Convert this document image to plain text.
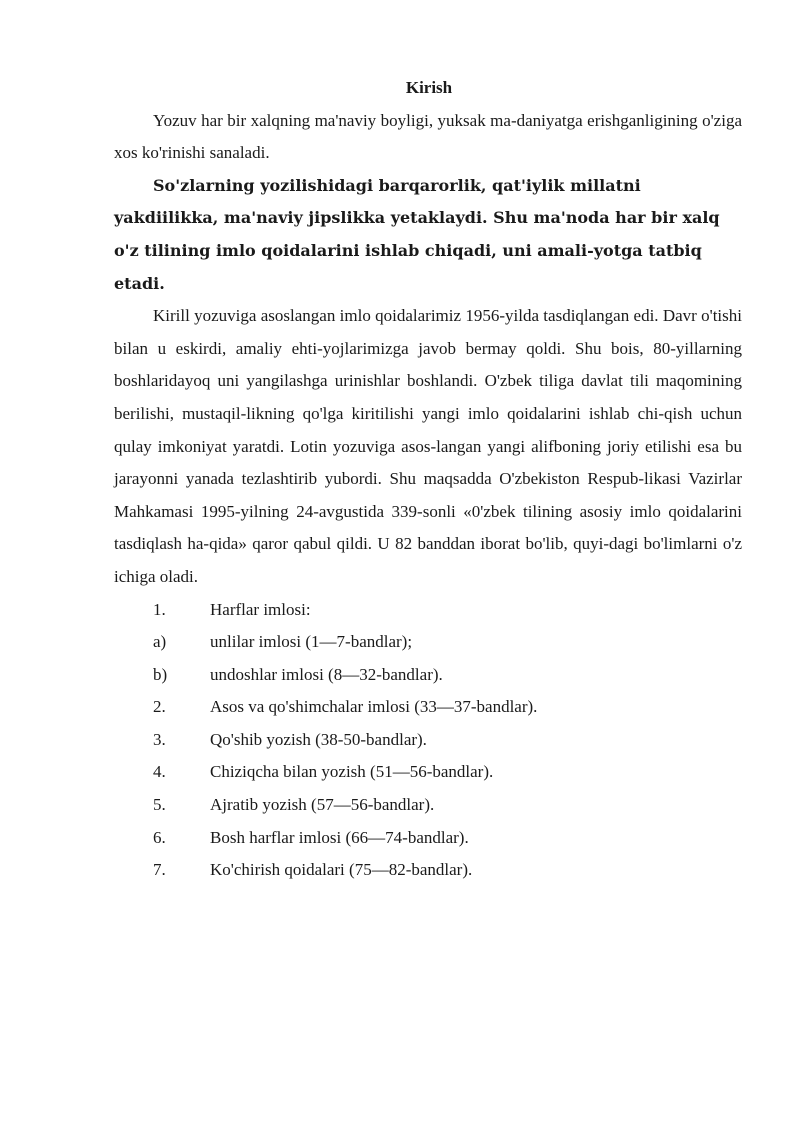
Kirish

Yozuv har bir xalqning ma'naviy boyligi, yuksak ma-daniyatga erishganligining o'ziga xos ko'rinishi sanaladi.

So'zlarning yozilishidagi barqarorlik, qat'iylik millatni yakdiilikka, ma'naviy jipslikka yetaklaydi. Shu ma'noda har bir xalq o'z tilining imlo qoidalarini ishlab chiqadi, uni amali-yotga tatbiq etadi.

Kirill yozuviga asoslangan imlo qoidalarimiz 1956-yilda tasdiqlangan edi. Davr o'tishi bilan u eskirdi, amaliy ehti-yojlarimizga javob bermay qoldi. Shu bois, 80-yillarning boshlaridayoq uni yangilashga urinishlar boshlandi. O'zbek tiliga davlat tili maqomining berilishi, mustaqil-likning qo'lga kiritilishi yangi imlo qoidalarini ishlab chi-qish uchun qulay imkoniyat yaratdi. Lotin yozuviga asos-langan yangi alifboning joriy etilishi esa bu jarayonni yanada tezlashtirib yubordi. Shu maqsadda O'zbekiston Respub-likasi Vazirlar Mahkamasi 1995-yilning 24-avgustida 339-sonli «0'zbek tilining asosiy imlo qoidalarini tasdiqlash ha-qida» qaror qabul qildi. U 82 banddan iborat bo'lib, quyi-dagi bo'limlarni o'z ichiga oladi.

1.	Harflar imlosi:
a)	unlilar imlosi (1—7-bandlar);
b)	undoshlar imlosi (8—32-bandlar).
2.	Asos va qo'shimchalar imlosi (33—37-bandlar).
3.	Qo'shib yozish (38-50-bandlar).
4.	Chiziqcha bilan yozish (51—56-bandlar).
5.	Ajratib yozish (57—56-bandlar).
6.	Bosh harflar imlosi (66—74-bandlar).
7.	Ko'chirish qoidalari (75—82-bandlar).
